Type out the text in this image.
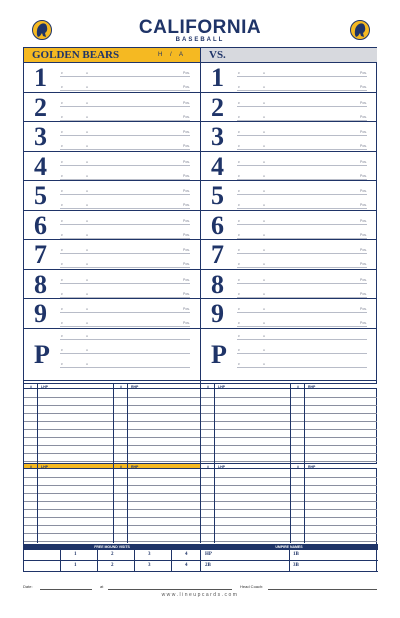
CALIFORNIA
BASEBALL
GOLDEN BEARS	H / A	VS.
1	#	A	Pos.
#	A	Pos.
2	#	A	Pos.
#	A	Pos.
3	#	A	Pos.
#	A	Pos.
4	#	A	Pos.
#	A	Pos.
5	#	A	Pos.
#	A	Pos.
6	#	A	Pos.
#	A	Pos.
7	#	A	Pos.
#	A	Pos.
8	#	A	Pos.
#	A	Pos.
9	#	A	Pos.
#	A	Pos.
P
#	A
#	A
#	A
1	#	A	Pos.
#	A	Pos.
2	#	A	Pos.
#	A	Pos.
3	#	A	Pos.
#	A	Pos.
4	#	A	Pos.
#	A	Pos.
5	#	A	Pos.
#	A	Pos.
6	#	A	Pos.
#	A	Pos.
7	#	A	Pos.
#	A	Pos.
8	#	A	Pos.
#	A	Pos.
9	#	A	Pos.
#	A	Pos.
P
#	A
#	A
#	A
#	LHP	#	RHP	#	LHP	#	RHP
#	LHP	#	RHP	#	LHP	#	RHP
FREE MOUND VISITS	UMPIRE NAMES
1	2	3	4	HP	1B
1	2	3	4	2B	3B
Date:	at	Head Coach:
www.lineupcards.com
